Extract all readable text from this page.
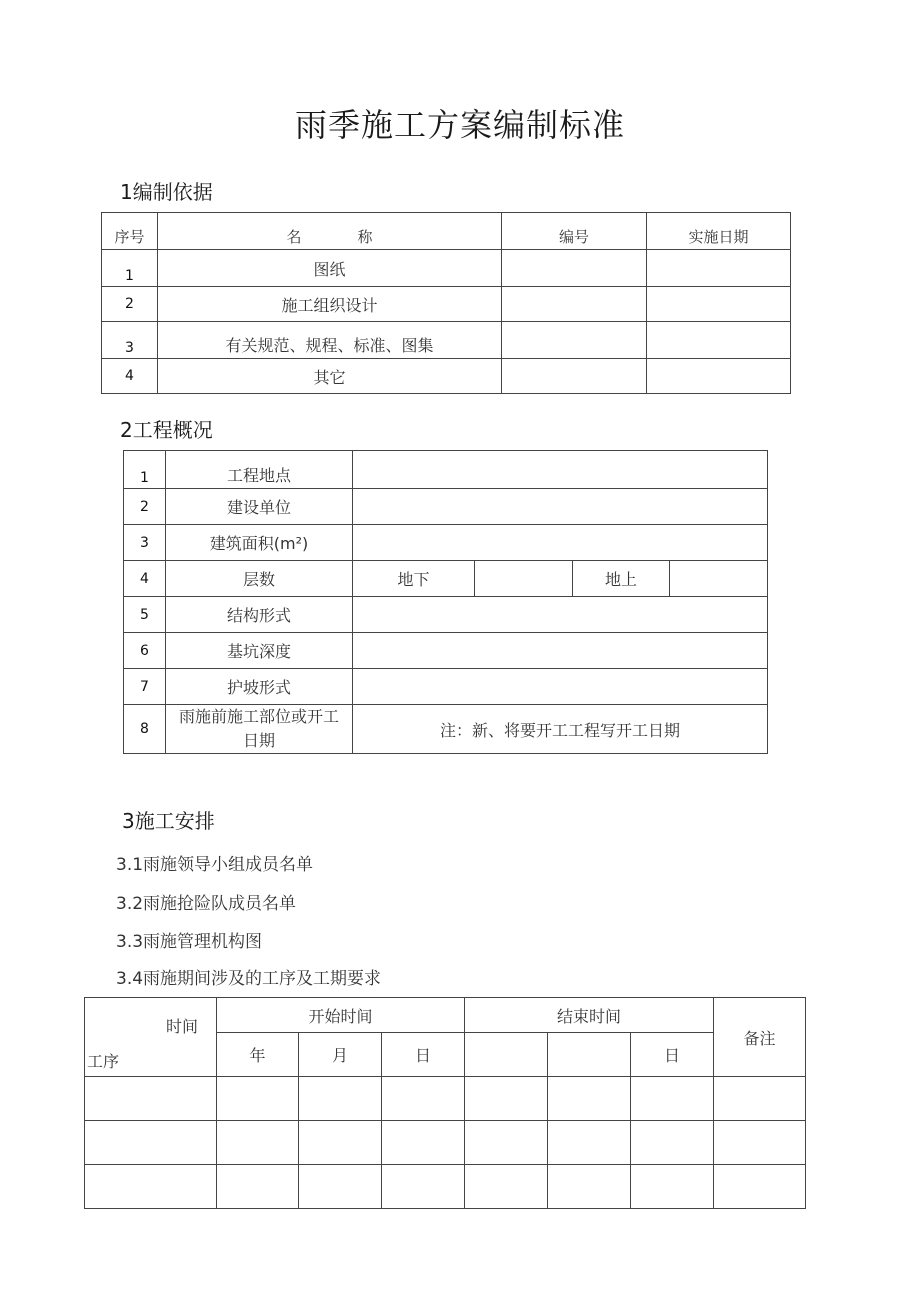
雨季施工方案编制标准
1编制依据
序号	名 称	编号	实施日期
1	图纸		
2	施工组织设计		
3	有关规范、规程、标准、图集		
4	其它		
2工程概况
1	工程地点				
2	建设单位				
3	建筑面积(m²)				
4	层数	地下		地上	
5	结构形式				
6	基坑深度				
7	护坡形式				
8	雨施前施工部位或开工日期	注：新、将要开工工程写开工日期			
3施工安排
3.1雨施领导小组成员名单
3.2雨施抢险队成员名单
3.3雨施管理机构图
3.4雨施期间涉及的工序及工期要求
时间
工序	开始时间			结束时间			备注
	年	月	日			日	
